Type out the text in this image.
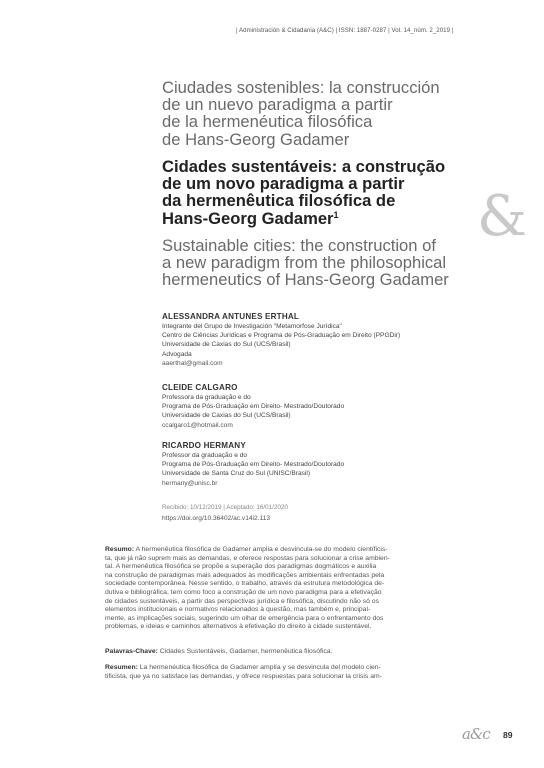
| Administración & Cidadania (A&C) | ISSN: 1887-0287 | Vol. 14_núm. 2_2019 |
Ciudades sostenibles: la construcción
de un nuevo paradigma a partir
de la hermenéutica filosófica
de Hans-Georg Gadamer
Cidades sustentáveis: a construção
de um novo paradigma a partir
da hermenêutica filosófica de
Hans-Georg Gadamer$^1$
Sustainable cities: the construction of
a new paradigm from the philosophical
hermeneutics of Hans-Georg Gadamer
&
ALESSANDRA ANTUNES ERTHAL
Integrante del Grupo de Investigación "Metamorfose Jurídica"
Centro de Ciências Jurídicas e Programa de Pós-Graduação em Direito (PPGDir)
Universidade de Caxias do Sul (UCS/Brasil)
Advogada
aaerthal@gmail.com
CLEIDE CALGARO
Professora da graduação e do
Programa de Pós-Graduação em Direito- Mestrado/Doutorado
Universidade de Caxias do Sul (UCS/Brasil)
ccalgaro1@hotmail.com
RICARDO HERMANY
Professor da graduação e do
Programa de Pós-Graduação em Direito- Mestrado/Doutorado
Universidade de Santa Cruz do Sul (UNISC/Brasil)
hermany@unisc.br
Recibido: 10/12/2019 | Aceptado: 16/01/2020
https://doi.org/10.36402/ac.v14i2.113
Resumo: A hermenêutica filosófica de Gadamer amplia e desvincula-se do modelo científicis-
ta, que já não suprem mais as demandas, e oferece respostas para solucionar a crise ambien-
tal. A hermenêutica filosófica se propõe a superação dos paradigmas dogmáticos e auxilia
na construção de paradigmas mais adequados às modificações ambientais enfrentadas pela
sociedade contemporânea. Nesse sentido, o trabalho, através da estrutura metodológica de-
dutiva e bibliográfica, tem como foco a construção de um novo paradigma para a efetivação
de cidades sustentáveis, a partir das perspectivas jurídica e filosófica, discutindo não só os
elementos institucionais e normativos relacionados à questão, mas também e, principal-
mente, as implicações sociais, sugerindo um olhar de emergência para o enfrentamento dos
problemas, e ideias e caminhos alternativos à efetivação do direito à cidade sustentável.
Palavras-Chave: Cidades Sustentáveis, Gadamer, hermenêutica filosófica.
Resumen: La hermenéutica filosófica de Gadamer amplía y se desvincula del modelo cien-
tificista, que ya no satisface las demandas, y ofrece respuestas para solucionar la crisis am-
a&c	89
